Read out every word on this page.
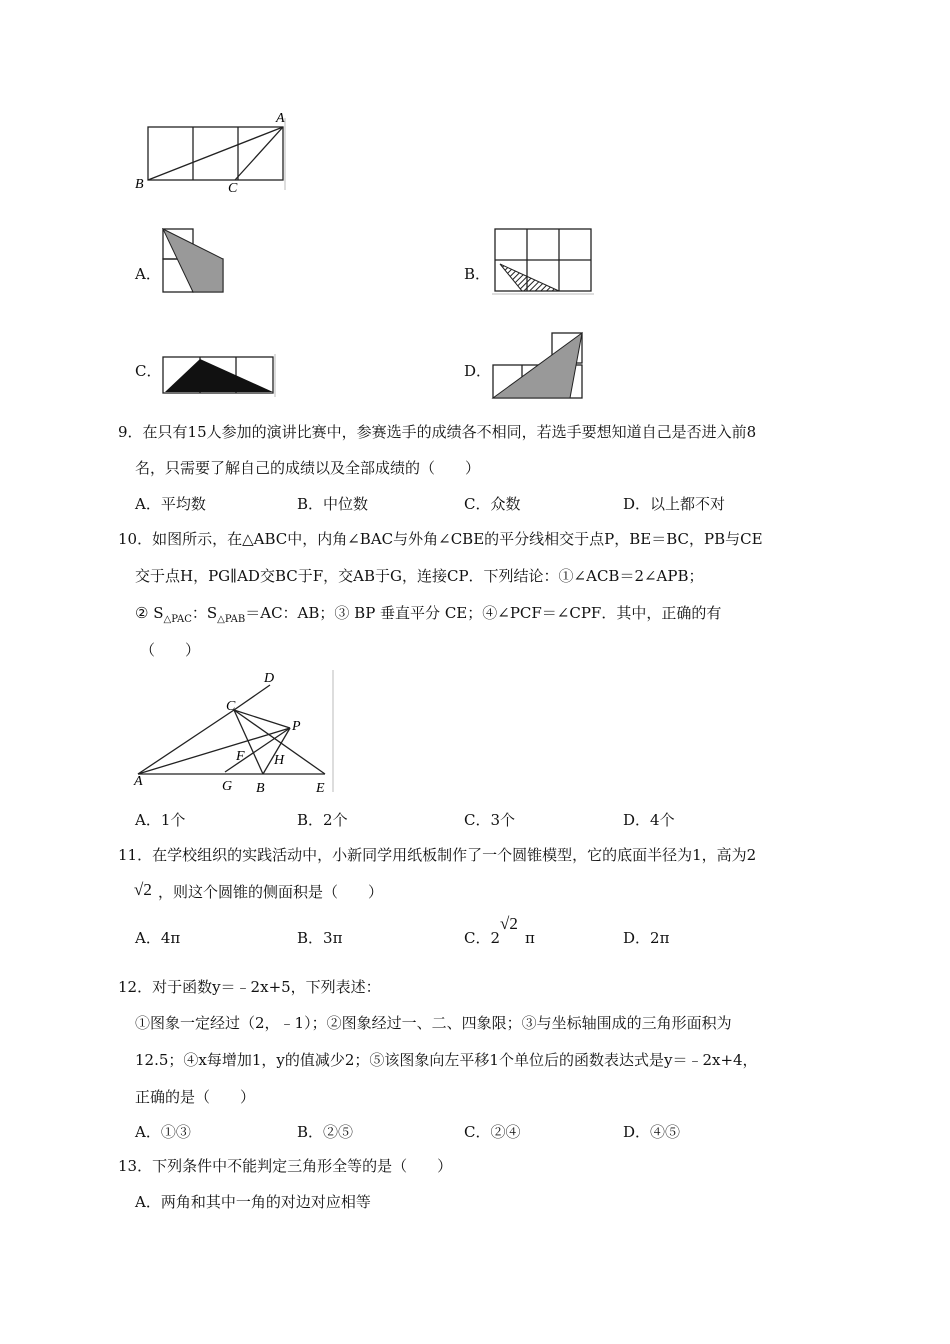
A
B	C
A．	B．
C．	D．
9．在只有15人参加的演讲比赛中，参赛选手的成绩各不相同，若选手要想知道自己是否进入前8
名，只需要了解自己的成绩以及全部成绩的（　　）
A．平均数	B．中位数	C．众数	D．以上都不对
10．如图所示，在△ABC中，内角∠BAC与外角∠CBE的平分线相交于点P，BE＝BC，PB与CE
交于点H，PG∥AD交BC于F，交AB于G，连接CP．下列结论：①∠ACB＝2∠APB；
② $S_{\triangle PAC}$：$S_{\triangle PAB}=AC$：AB；③ BP 垂直平分 CE；④∠PCF＝∠CPF．其中，正确的有
（　　）
D
C
P
F H
A	G B	E
A．1个	B．2个	C．3个	D．4个
11．在学校组织的实践活动中，小新同学用纸板制作了一个圆锥模型，它的底面半径为1，高为2
√2 ，则这个圆锥的侧面积是（　　）
A．4π	B．3π	C．2
√2
π	D．2π
12．对于函数y＝﹣2x+5，下列表述：
①图象一定经过（2，﹣1）；②图象经过一、二、四象限；③与坐标轴围成的三角形面积为
12.5；④x每增加1，y的值减少2；⑤该图象向左平移1个单位后的函数表达式是y＝﹣2x+4，
正确的是（　　）
A．①③	B．②⑤	C．②④	D．④⑤
13．下列条件中不能判定三角形全等的是（　　）
A．两角和其中一角的对边对应相等
